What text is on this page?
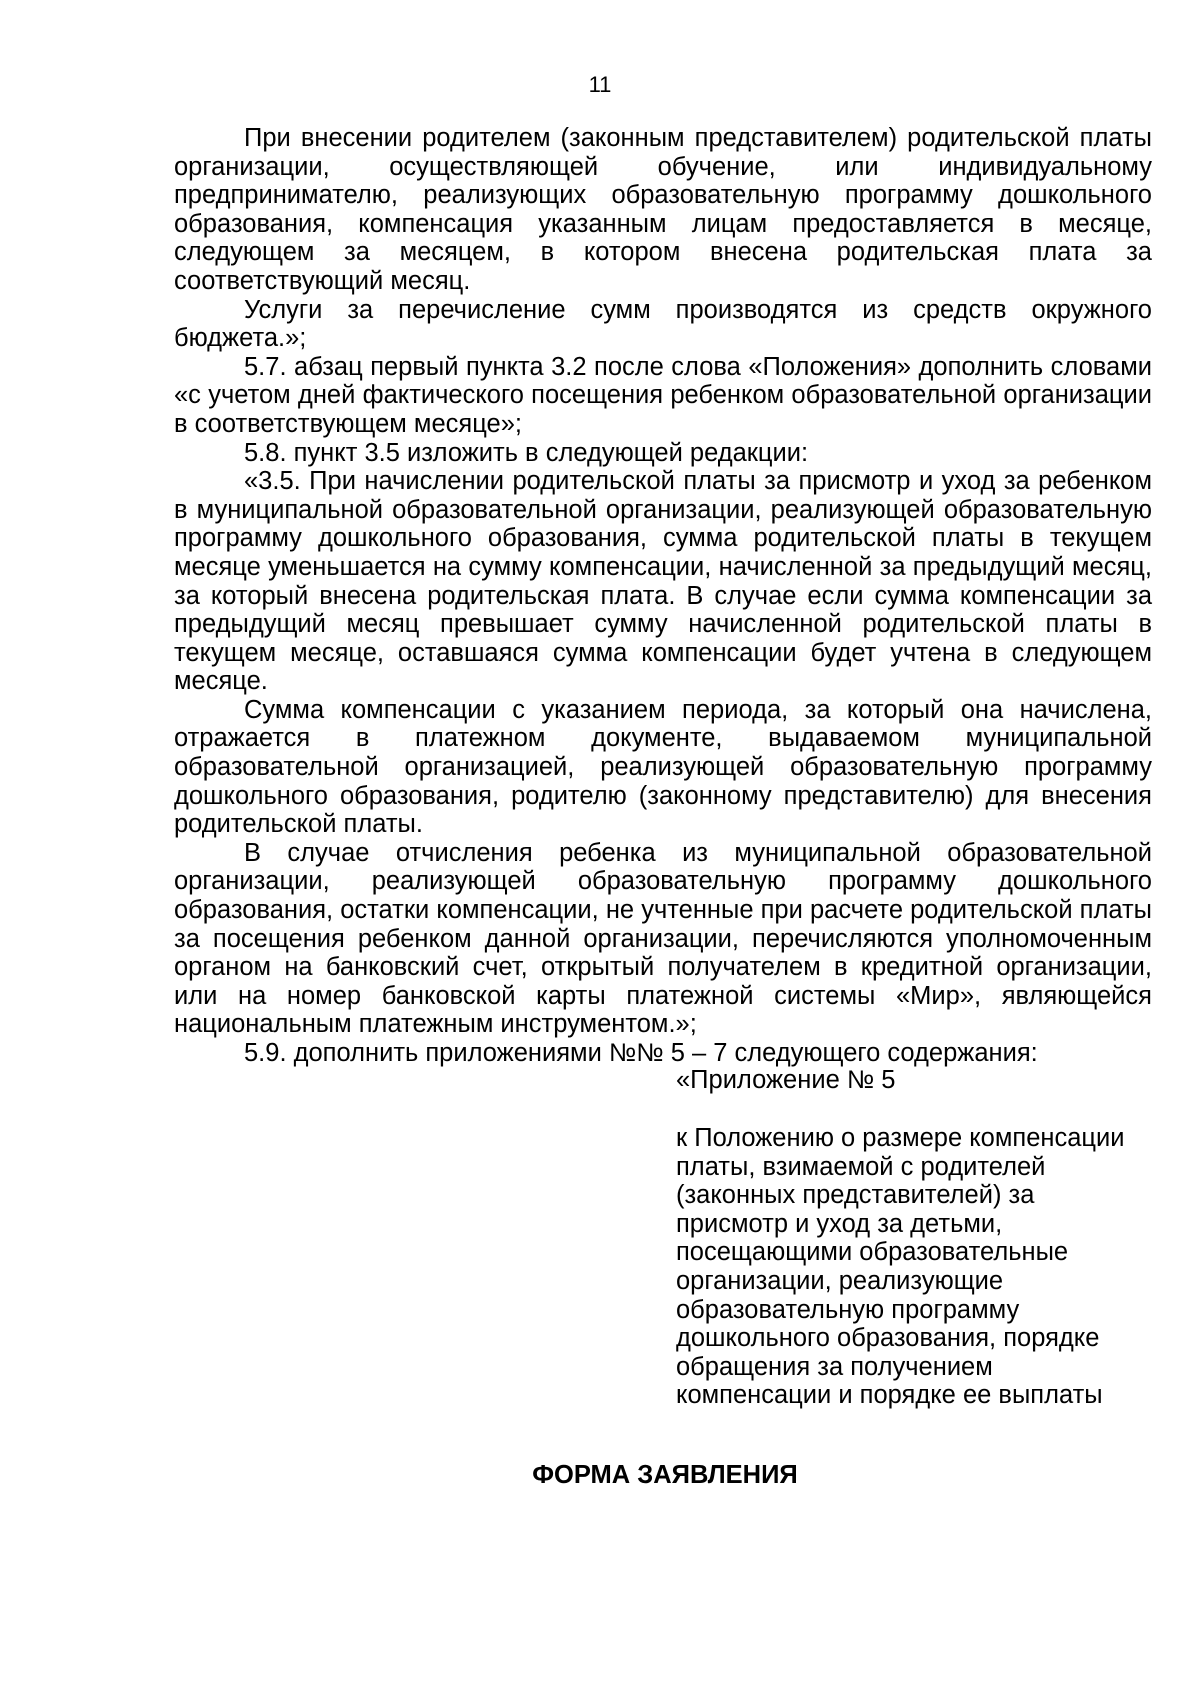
11

При внесении родителем (законным представителем) родительской платы организации, осуществляющей обучение, или индивидуальному предпринимателю, реализующих образовательную программу дошкольного образования, компенсация указанным лицам предоставляется в месяце, следующем за месяцем, в котором внесена родительская плата за соответствующий месяц.

Услуги за перечисление сумм производятся из средств окружного бюджета.»;

5.7. абзац первый пункта 3.2 после слова «Положения» дополнить словами «с учетом дней фактического посещения ребенком образовательной организации в соответствующем месяце»;

5.8. пункт 3.5 изложить в следующей редакции:

«3.5. При начислении родительской платы за присмотр и уход за ребенком в муниципальной образовательной организации, реализующей образовательную программу дошкольного образования, сумма родительской платы в текущем месяце уменьшается на сумму компенсации, начисленной за предыдущий месяц, за который внесена родительская плата. В случае если сумма компенсации за предыдущий месяц превышает сумму начисленной родительской платы в текущем месяце, оставшаяся сумма компенсации будет учтена в следующем месяце.

Сумма компенсации с указанием периода, за который она начислена, отражается в платежном документе, выдаваемом муниципальной образовательной организацией, реализующей образовательную программу дошкольного образования, родителю (законному представителю) для внесения родительской платы.

В случае отчисления ребенка из муниципальной образовательной организации, реализующей образовательную программу дошкольного образования, остатки компенсации, не учтенные при расчете родительской платы за посещения ребенком данной организации, перечисляются уполномоченным органом на банковский счет, открытый получателем в кредитной организации, или на номер банковской карты платежной системы «Мир», являющейся национальным платежным инструментом.»;

5.9. дополнить приложениями №№ 5 – 7 следующего содержания:

«Приложение № 5
к Положению о размере компенсации платы, взимаемой с родителей (законных представителей) за присмотр и уход за детьми, посещающими образовательные организации, реализующие образовательную программу дошкольного образования, порядке обращения за получением компенсации и порядке ее выплаты
ФОРМА ЗАЯВЛЕНИЯ
